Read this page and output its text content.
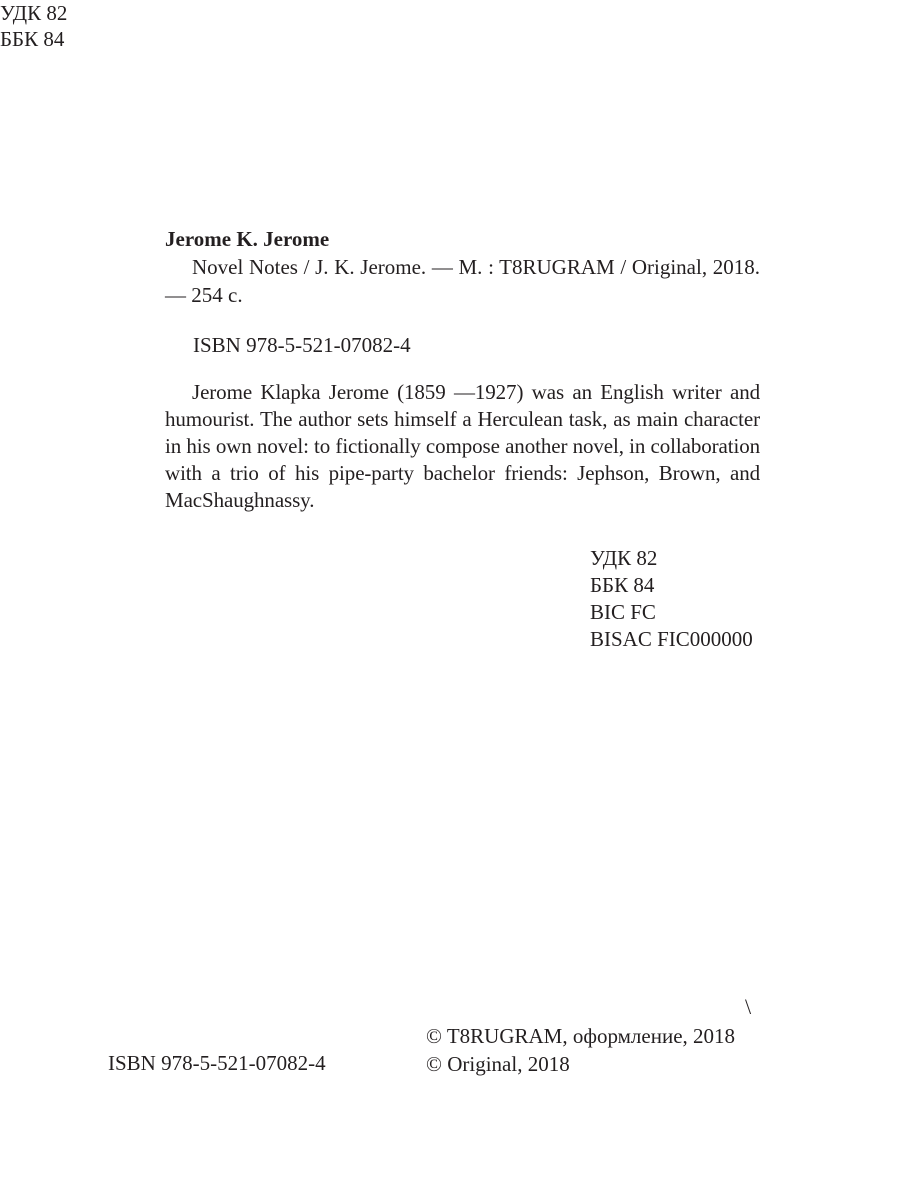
УДК 82
ББК 84
Jerome K. Jerome

Novel Notes / J. K. Jerome. — M. : T8RUGRAM / Original, 2018. — 254 c.

ISBN 978-5-521-07082-4

Jerome Klapka Jerome (1859 —1927) was an English writer and humourist. The author sets himself a Herculean task, as main character in his own novel: to fictionally compose another novel, in collaboration with a trio of his pipe-party bachelor friends: Jephson, Brown, and MacShaughnassy.

УДК 82
ББК 84
BIC FC
BISAC FIC000000
\
© T8RUGRAM, оформление, 2018
© Original, 2018
ISBN 978-5-521-07082-4
